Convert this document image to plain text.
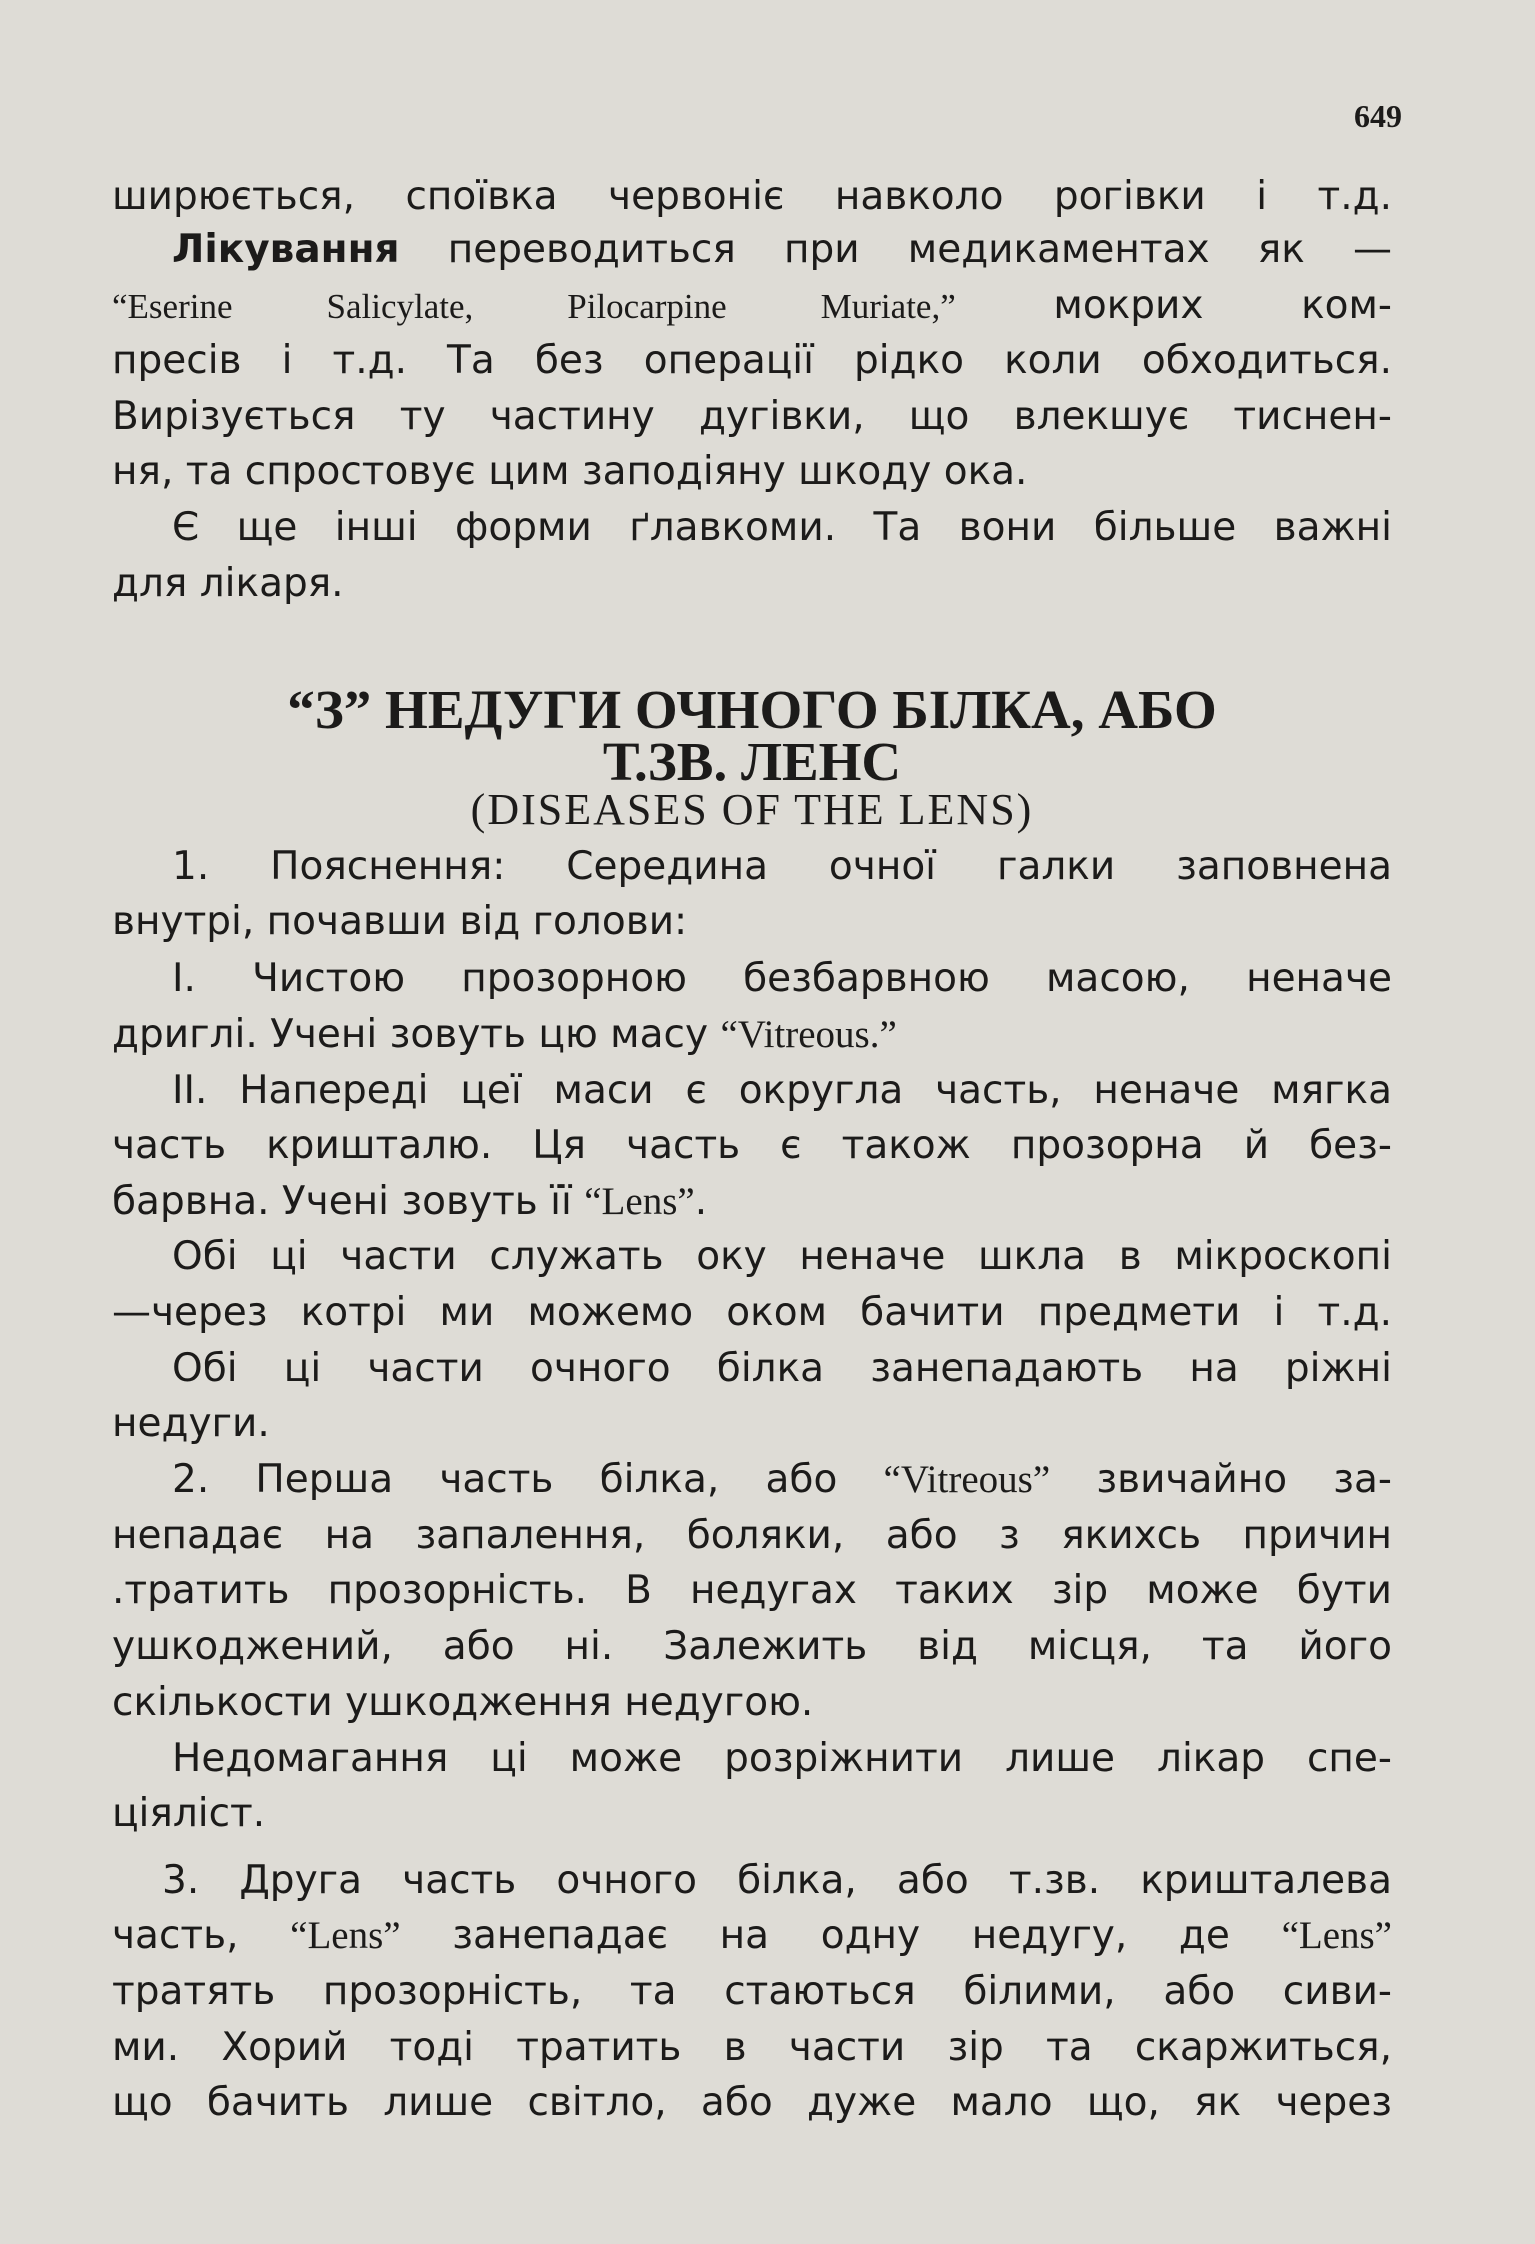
649
ширюється, споївка червоніє навколо рогівки і т.д.
Лікування переводиться при медикаментах як —
“Eserine Salicylate, Pilocarpine Muriate,” мокрих ком-
пресів і т.д. Та без операції рідко коли обходиться.
Вирізується ту частину дугівки, що влекшує тиснен-
ня, та спростовує цим заподіяну шкоду ока.
Є ще інші форми ґлавкоми. Та вони більше важні
для лікаря.
“З” НЕДУГИ ОЧНОГО БІЛКА, АБО
Т.ЗВ. ЛЕНС
(DISEASES OF THE LENS)
1. Пояснення: Середина очної галки заповнена
внутрі, почавши від голови:
I. Чистою прозорною безбарвною масою, неначе
дриглі. Учені зовуть цю масу “Vitreous.”
II. Напереді цеї маси є округла часть, неначе мягка
часть кришталю. Ця часть є також прозорна й без-
барвна. Учені зовуть її “Lens”.
Обі ці части служать оку неначе шкла в мікроскопі
—через котрі ми можемо оком бачити предмети і т.д.
Обі ці части очного білка занепадають на ріжні
недуги.
2. Перша часть білка, або “Vitreous” звичайно за-
непадає на запалення, боляки, або з якихсь причин
.тратить прозорність. В недугах таких зір може бути
ушкоджений, або ні. Залежить від місця, та його
скількости ушкодження недугою.
Недомагання ці може розріжнити лише лікар спе-
ціяліст.
3. Друга часть очного білка, або т.зв. кришталева
часть, “Lens” занепадає на одну недугу, де “Lens”
тратять прозорність, та стаються білими, або сиви-
ми. Хорий тоді тратить в части зір та скаржиться,
що бачить лише світло, або дуже мало що, як через
